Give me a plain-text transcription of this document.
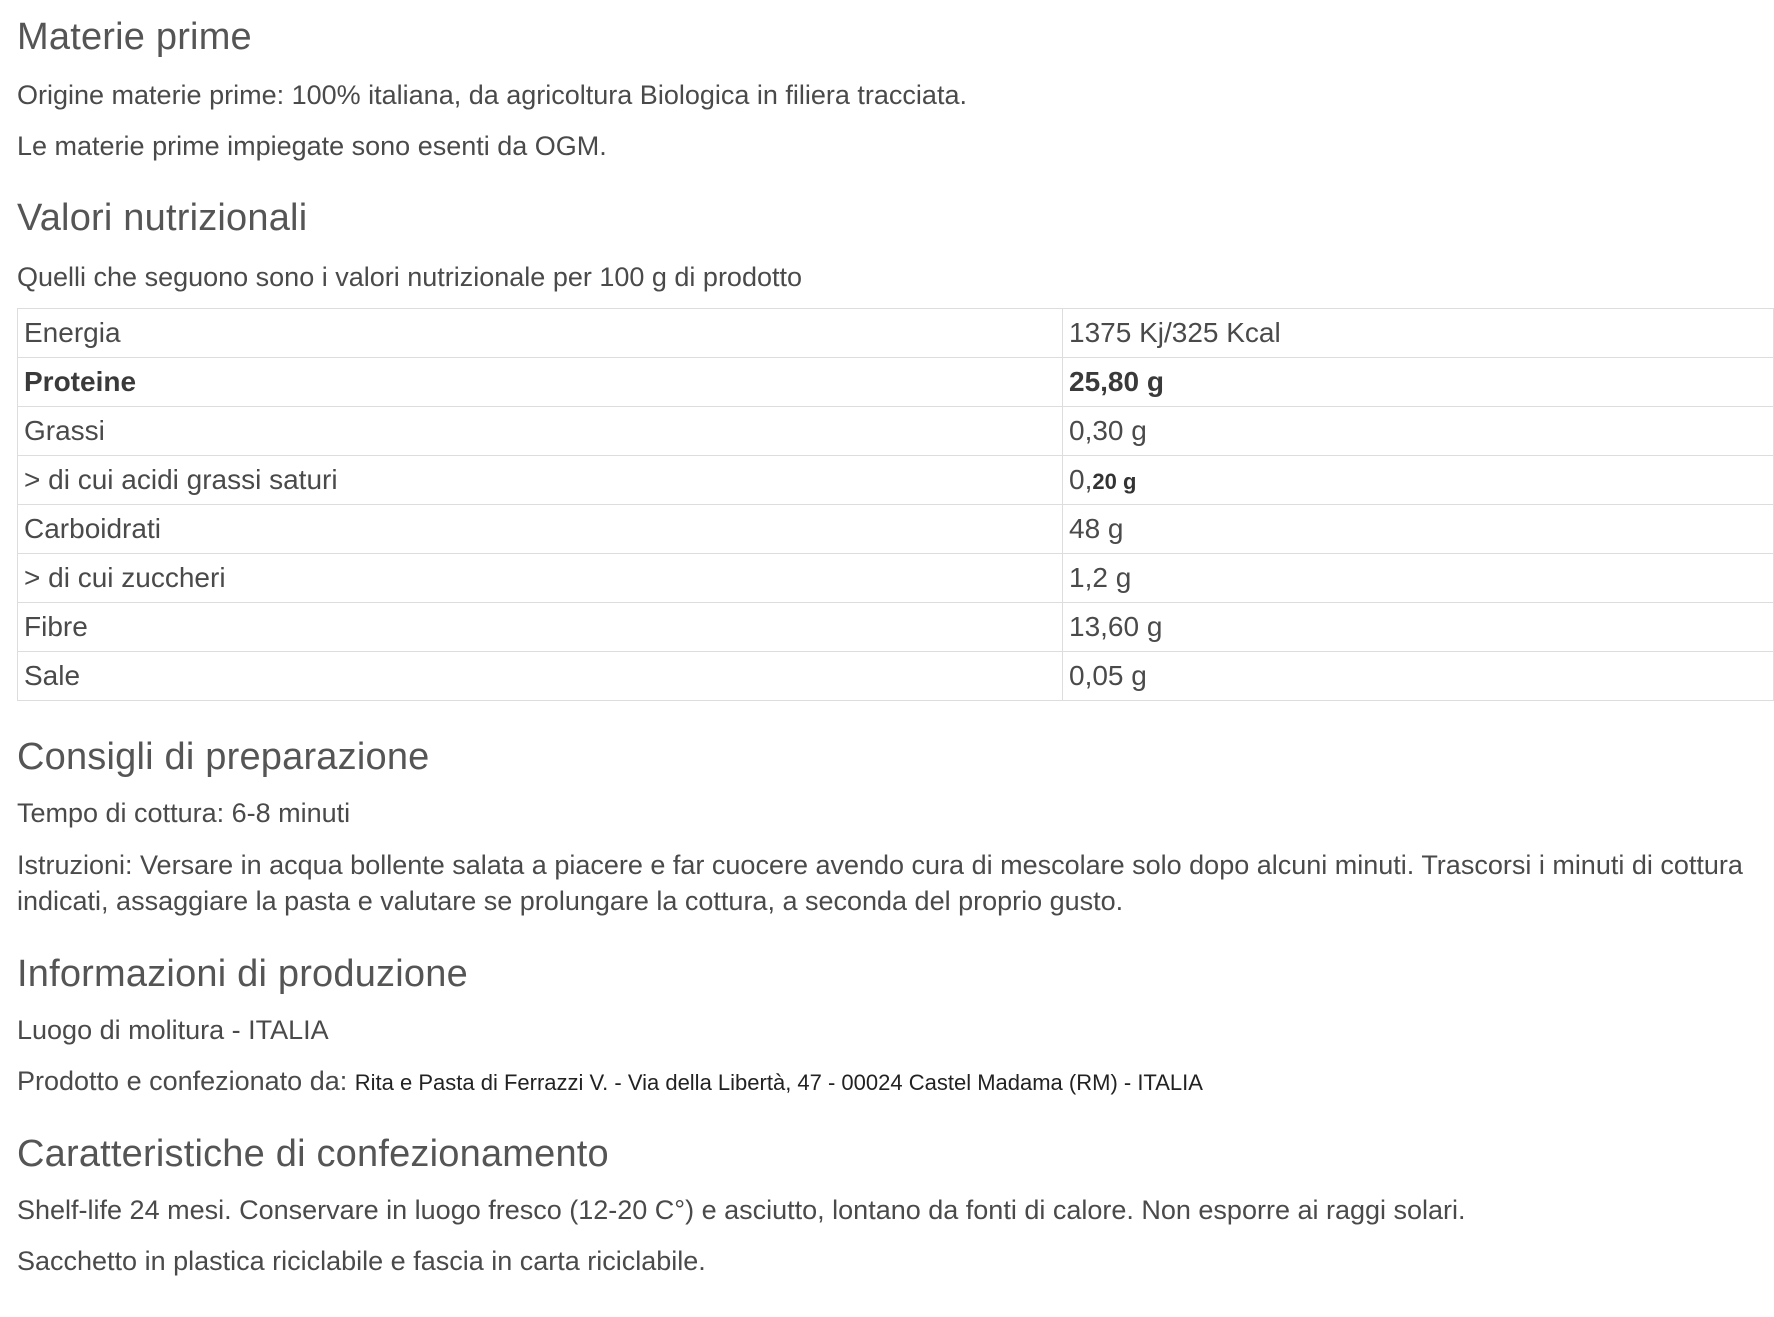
Materie prime

Origine materie prime: 100% italiana, da agricoltura Biologica in filiera tracciata.

Le materie prime impiegate sono esenti da OGM.

Valori nutrizionali

Quelli che seguono sono i valori nutrizionale per 100 g di prodotto

Energia	1375 Kj/325 Kcal
Proteine	25,80 g
Grassi	0,30 g
> di cui acidi grassi saturi	0,20 g
Carboidrati	48 g
> di cui zuccheri	1,2 g
Fibre	13,60 g
Sale	0,05 g
Consigli di preparazione

Tempo di cottura: 6-8 minuti

Istruzioni: Versare in acqua bollente salata a piacere e far cuocere avendo cura di mescolare solo dopo alcuni minuti. Trascorsi i minuti di cottura indicati, assaggiare la pasta e valutare se prolungare la cottura, a seconda del proprio gusto.

Informazioni di produzione

Luogo di molitura - ITALIA

Prodotto e confezionato da: Rita e Pasta di Ferrazzi V. - Via della Libertà, 47 - 00024 Castel Madama (RM) - ITALIA

Caratteristiche di confezionamento

Shelf-life 24 mesi. Conservare in luogo fresco (12-20 C°) e asciutto, lontano da fonti di calore. Non esporre ai raggi solari.

Sacchetto in plastica riciclabile e fascia in carta riciclabile.
